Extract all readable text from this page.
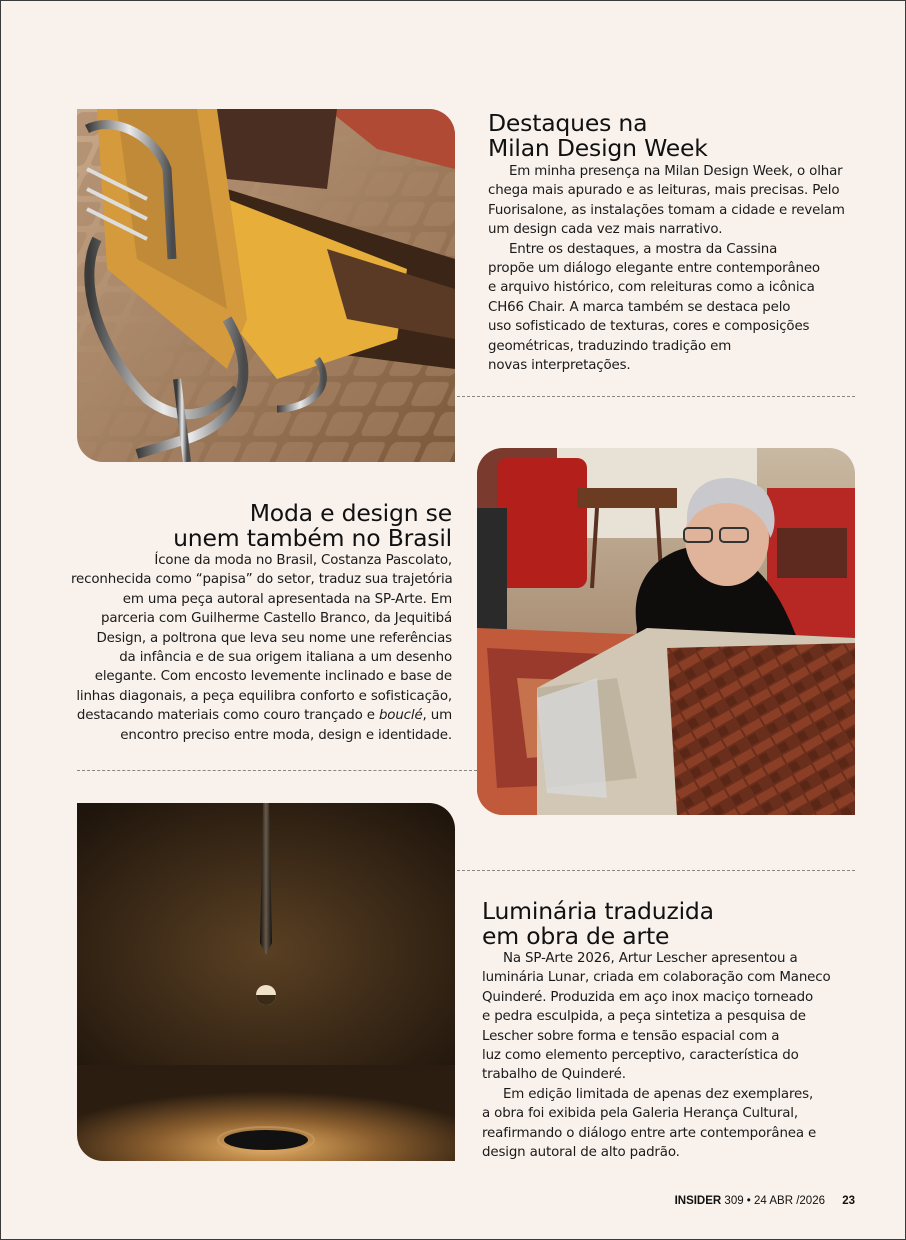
Destaques na
Milan Design Week

Em minha presença na Milan Design Week, o olhar
chega mais apurado e as leituras, mais precisas. Pelo
Fuorisalone, as instalações tomam a cidade e revelam
um design cada vez mais narrativo.

Entre os destaques, a mostra da Cassina
propõe um diálogo elegante entre contemporâneo
e arquivo histórico, com releituras como a icônica
CH66 Chair. A marca também se destaca pelo
uso sofisticado de texturas, cores e composições
geométricas, traduzindo tradição em
novas interpretações.

Moda e design se
unem também no Brasil

Ícone da moda no Brasil, Costanza Pascolato,
reconhecida como “papisa” do setor, traduz sua trajetória
em uma peça autoral apresentada na SP-Arte. Em
parceria com Guilherme Castello Branco, da Jequitibá
Design, a poltrona que leva seu nome une referências
da infância e de sua origem italiana a um desenho
elegante. Com encosto levemente inclinado e base de
linhas diagonais, a peça equilibra conforto e sofisticação,
destacando materiais como couro trançado e bouclé, um
encontro preciso entre moda, design e identidade.

Luminária traduzida
em obra de arte

Na SP-Arte 2026, Artur Lescher apresentou a
luminária Lunar, criada em colaboração com Maneco
Quinderé. Produzida em aço inox maciço torneado
e pedra esculpida, a peça sintetiza a pesquisa de
Lescher sobre forma e tensão espacial com a
luz como elemento perceptivo, característica do
trabalho de Quinderé.

Em edição limitada de apenas dez exemplares,
a obra foi exibida pela Galeria Herança Cultural,
reafirmando o diálogo entre arte contemporânea e
design autoral de alto padrão.

INSIDER 309 • 24 ABR /2026 23
